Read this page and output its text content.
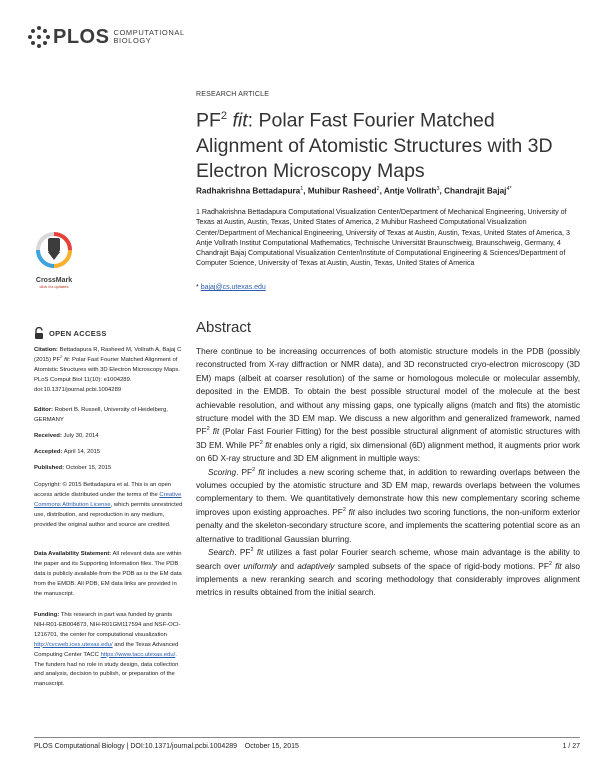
PLOS COMPUTATIONAL
BIOLOGY
RESEARCH ARTICLE
$PF^2$ fit: Polar Fast Fourier Matched Alignment of Atomistic Structures with 3D Electron Microscopy Maps
Radhakrishna Bettadapura$^1$, Muhibur Rasheed$^2$, Antje Vollrath$^3$, Chandrajit Bajaj$^{4*}$
1 Radhakrishna Bettadapura Computational Visualization Center/Department of Mechanical Engineering, University of Texas at Austin, Austin, Texas, United States of America, 2 Muhibur Rasheed Computational Visualization Center/Department of Mechanical Engineering, University of Texas at Austin, Austin, Texas, United States of America, 3 Antje Vollrath Institut Computational Mathematics, Technische Universität Braunschweig, Braunschweig, Germany, 4 Chandrajit Bajaj Computational Visualization Center/Institute of Computational Engineering & Sciences/Department of Computer Science, University of Texas at Austin, Austin, Texas, United States of America
* bajaj@cs.utexas.edu
CrossMark
click for updates
OPEN ACCESS
Citation: Bettadapura R, Rasheed M, Vollrath A, Bajaj C (2015) $PF^2$ fit: Polar Fast Fourier Matched Alignment of Atomistic Structures with 3D Electron Microscopy Maps. PLoS Comput Biol 11(10): e1004289. doi:10.1371/journal.pcbi.1004289
Editor: Robert B. Russell, University of Heidelberg, GERMANY
Received: July 30, 2014
Accepted: April 14, 2015
Published: October 15, 2015
Copyright: © 2015 Bettadapura et al. This is an open access article distributed under the terms of the Creative Commons Attribution License, which permits unrestricted use, distribution, and reproduction in any medium, provided the original author and source are credited.
Data Availability Statement: All relevant data are within the paper and its Supporting Information files. The PDB data is publicly available from the PDB as is the EM data from the EMDB. All PDB, EM data links are provided in the manuscript.
Funding: This research in part was funded by grants NIH-R01-EB004873, NIH-R01GM117594 and NSF-OCI-1216701, the center for computational visualization http://cvcweb.ices.utexas.edu/ and the Texas Advanced Computing Center TACC https://www.tacc.utexas.edu/. The funders had no role in study design, data collection and analysis, decision to publish, or preparation of the manuscript.
Abstract

There continue to be increasing occurrences of both atomistic structure models in the PDB (possibly reconstructed from X-ray diffraction or NMR data), and 3D reconstructed cryo-electron microscopy (3D EM) maps (albeit at coarser resolution) of the same or homologous molecule or molecular assembly, deposited in the EMDB. To obtain the best possible structural model of the molecule at the best achievable resolution, and without any missing gaps, one typically aligns (match and fits) the atomistic structure model with the 3D EM map. We discuss a new algorithm and generalized framework, named $PF^2$ fit (Polar Fast Fourier Fitting) for the best possible structural alignment of atomistic structures with 3D EM. While $PF^2$ fit enables only a rigid, six dimensional (6D) alignment method, it augments prior work on 6D X-ray structure and 3D EM alignment in multiple ways:

Scoring. $PF^2$ fit includes a new scoring scheme that, in addition to rewarding overlaps between the volumes occupied by the atomistic structure and 3D EM map, rewards overlaps between the volumes complementary to them. We quantitatively demonstrate how this new complementary scoring scheme improves upon existing approaches. $PF^2$ fit also includes two scoring functions, the non-uniform exterior penalty and the skeleton-secondary structure score, and implements the scattering potential score as an alternative to traditional Gaussian blurring.

Search. $PF^2$ fit utilizes a fast polar Fourier search scheme, whose main advantage is the ability to search over uniformly and adaptively sampled subsets of the space of rigid-body motions. $PF^2$ fit also implements a new reranking search and scoring methodology that considerably improves alignment metrics in results obtained from the initial search.

PLOS Computational Biology | DOI:10.1371/journal.pcbi.1004289    October 15, 2015	1 / 27
